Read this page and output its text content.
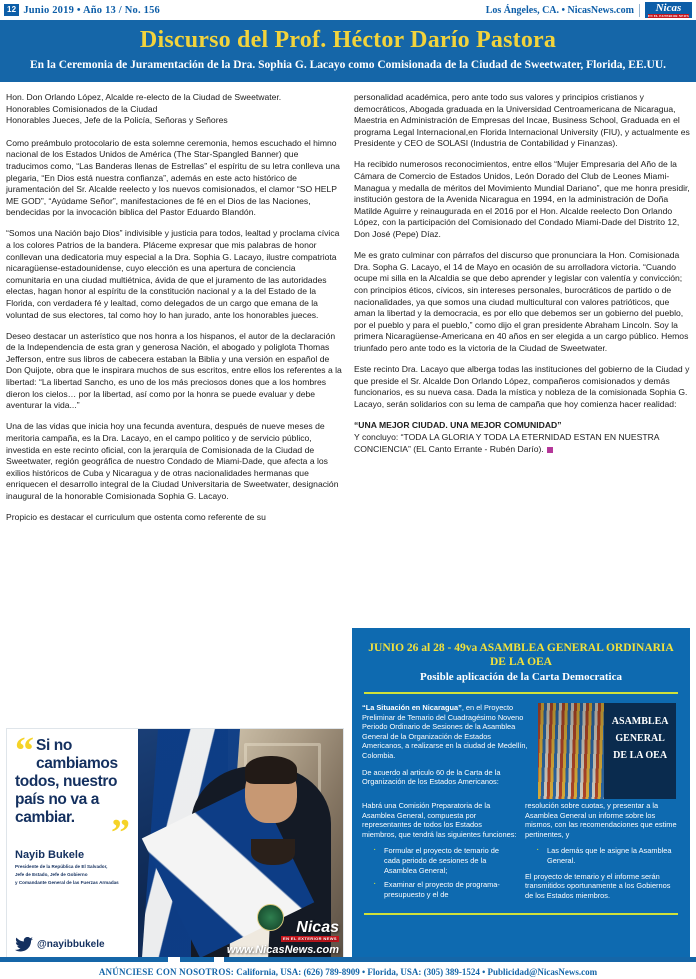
12 Junio 2019 • Año 13 / No. 156	Los Ángeles, CA. • NicasNews.com	Nicas
EN EL EXTERIOR NEWS
Discurso del Prof. Héctor Darío Pastora

En la Ceremonia de Juramentación de la Dra. Sophia G. Lacayo como Comisionada de la Ciudad de Sweetwater, Florida, EE.UU.

Hon. Don Orlando López, Alcalde re-electo de la Ciudad de Sweetwater.

Honorables Comisionados de la Ciudad

Honorables Jueces, Jefe de la Policía, Señoras y Señores

Como preámbulo protocolario de esta solemne ceremonia, hemos escuchado el himno nacional de los Estados Unidos de América (The Star-Spangled Banner) que traducimos como, “Las Banderas llenas de Estrellas” el espíritu de su letra conlleva una plegaria, “En Dios está nuestra confianza”, además en este acto histórico de juramentación del Sr. Alcalde reelecto y los nuevos comisionados, el clamor “SO HELP ME GOD”, “Ayúdame Señor”, manifestaciones de fé en el Dios de las Naciones, bendecidas por la invocación biblica del Pastor Eduardo Blandón.

“Somos una Nación bajo Dios” indivisible y justicia para todos, lealtad y proclama cívica a los colores Patrios de la bandera. Pláceme expresar que mis palabras de honor conllevan una dedicatoria muy especial a la Dra. Sophia G. Lacayo, ilustre compatriota nicaragüense-estadounidense, cuyo elección es una apertura de conciencia comunitaria en una ciudad multiétnica, ávida de que el juramento de las autoridades electas, hagan honor al espíritu de la constitución nacional y a la del Estado de la Florida, con verdadera fé y lealtad, como delegados de un cargo que emana de la voluntad de sus electores, tal como hoy lo han jurado, ante los honorables jueces.

Deseo destacar un asterístico que nos honra a los hispanos, el autor de la declaración de la Independencia de esta gran y generosa Nación, el abogado y poliglota Thomas Jefferson, entre sus libros de cabecera estaban la Biblia y una versión en español de Don Quijote, obra que le inspirara muchos de sus escritos, entre ellos los referentes a la libertad: “La libertad Sancho, es uno de los más preciosos dones que a los hombres dieron los cielos… por la libertad, así como por la honra se puede evaluar y debe aventurar la vida...”

Una de las vidas que inicia hoy una fecunda aventura, después de nueve meses de meritoria campaña, es la Dra. Lacayo, en el campo politico y de servicio público, investida en este recinto oficial, con la jerarquía de Comisionada de la Ciudad de Sweetwater, región geográfica de nuestro Condado de Miami-Dade, que afecta a los exilios históricos de Cuba y Nicaragua y de otras nacionalidades hermanas que enriquecen el desarrollo integral de la Ciudad Universitaria de Sweetwater, designación inaugural de la honorable Comisionada Sophia G. Lacayo.

Propicio es destacar el curriculum que ostenta como referente de su

personalidad académica, pero ante todo sus valores y principios cristianos y democráticos, Abogada graduada en la Universidad Centroamericana de Nicaragua, Maestria en Administración de Empresas del Incae, Business School, Graduada en el programa Legal Internacional,en Florida Internacional University (FIU), y actualmente es Presidente y CEO de SOLASI (Industria de Contabilidad y Finanzas).

Ha recibido numerosos reconocimientos, entre ellos “Mujer Empresaria del Año de la Cámara de Comercio de Estados Unidos, León Dorado del Club de Leones Miami-Managua y medalla de méritos del Movimiento Mundial Dariano”, que me honra presidir, institución gestora de la Avenida Nicaragua en 1994, en la administración de Doña Matilde Aguirre y reinaugurada en el 2016 por el Hon. Alcalde reelecto Don Orlando López, con la participación del Comisionado del Condado Miami-Dade del Distrito 12, Don José (Pepe) Díaz.

Me es grato culminar con párrafos del discurso que pronunciara la Hon. Comisionada Dra. Sopha G. Lacayo, el 14 de Mayo en ocasión de su arrolladora victoria. “Cuando ocupe mi silla en la Alcaldia se que debo aprender y legislar con valentía y convicción; con principios éticos, cívicos, sin intereses personales, burocráticos de partido o de nacionalidades, ya que somos una ciudad multicultural con valores patrióticos, que aman la libertad y la democracia, es por ello que debemos ser un gobierno del pueblo, por el pueblo y para el pueblo,” como dijo el gran presidente Abraham Lincoln. Soy la primera Nicaragüense-Americana en 40 años en ser elegida a un cargo público. Hemos triunfado pero ante todo es la victoria de la Ciudad de Sweetwater.

Este recinto Dra. Lacayo que alberga todas las instituciones del gobierno de la Ciudad y que preside el Sr. Alcalde Don Orlando López, compañeros comisionados y demás funcionarios, es su nueva casa. Dada la mística y nobleza de la comisionada Sophia G. Lacayo, serán solidarios con su lema de campaña que hoy comienza hacer realidad:

“UNA MEJOR CIUDAD. UNA MEJOR COMUNIDAD”

Y concluyo: “TODA LA GLORIA Y TODA LA ETERNIDAD ESTAN EN NUESTRA CONCIENCIA” (EL Canto Errante - Rubén Darío).

“ Si no cambiamos todos, nuestro país no va a cambiar. ”
Nayib Bukele
Presidente de la República de El Salvador,
Jefe de Estado, Jefe de Gobierno
y Comandante General de las Fuerzas Armadas
@nayibbukele
Nicas
EN EL EXTERIOR NEWS
www.NicasNews.com
JUNIO 26 al 28 - 49va ASAMBLEA GENERAL ORDINARIA DE LA OEA
Posible aplicación de la Carta Democratica

“La Situación en Nicaragua”, en el Proyecto Preliminar de Temario del Cuadragésimo Noveno Periodo Ordinario de Sesiones de la Asamblea General de la Organización de Estados Americanos, a realizarse en la ciudad de Medellín, Colombia.

De acuerdo al articulo 60 de la Carta de la Organización de los Estados Americanos:

ASAMBLEA
GENERAL
DE LA OEA

Habrá una Comisión Preparatoria de la Asamblea General, compuesta por representantes de todos los Estados miembros, que tendrá las siguientes funciones:

· Formular el proyecto de temario de cada periodo de sesiones de la Asamblea General;
· Examinar el proyecto de programa-presupuesto y el de

resolución sobre cuotas, y presentar a la Asamblea General un informe sobre los mismos, con las recomendaciones que estime pertinentes, y

· Las demás que le asigne la Asamblea General.

El proyecto de temario y el informe serán transmitidos oportunamente a los Gobiernos de los Estados miembros.

ANÚNCIESE CON NOSOTROS: California, USA: (626) 789-8909 • Florida, USA: (305) 389-1524 • Publicidad@NicasNews.com
